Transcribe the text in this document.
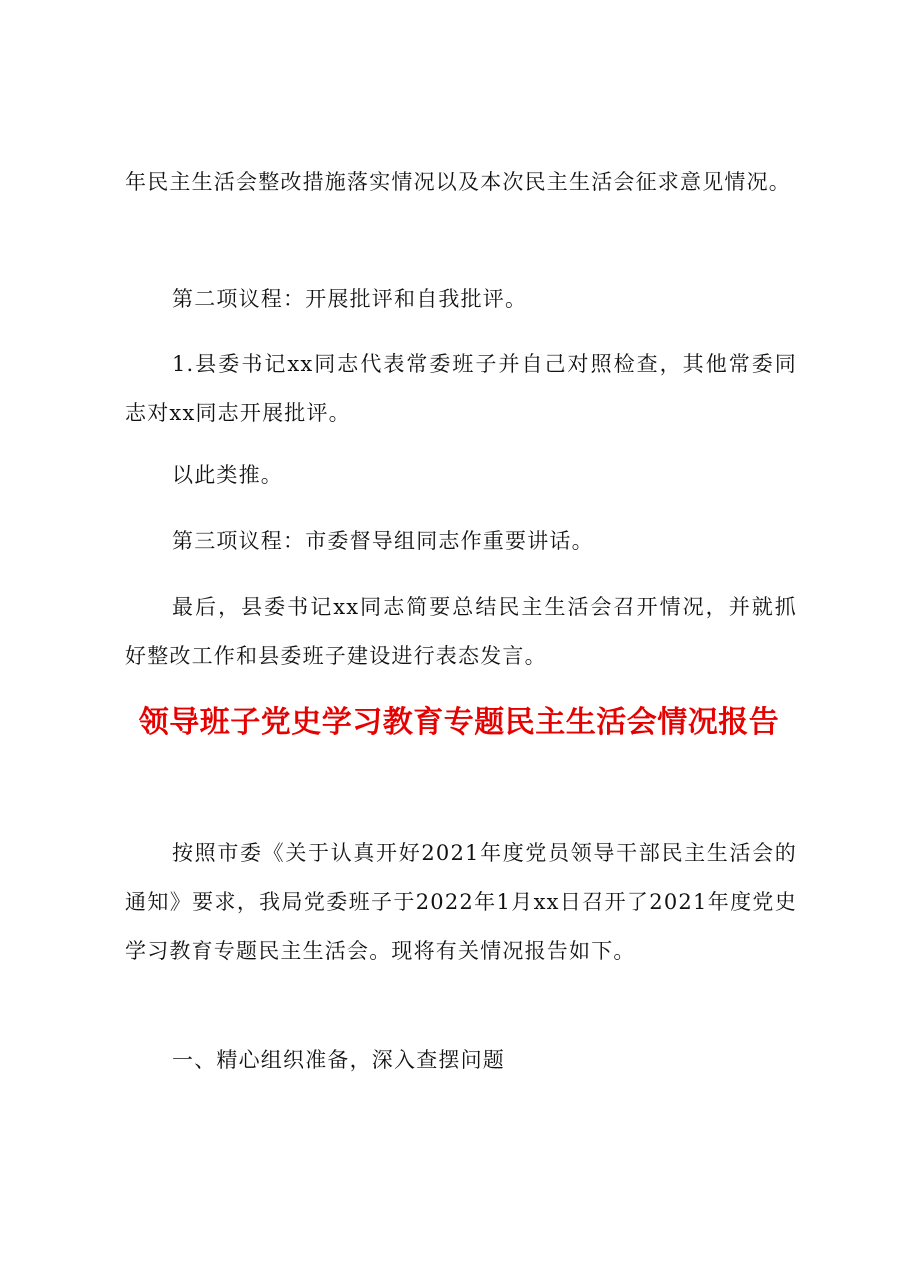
年民主生活会整改措施落实情况以及本次民主生活会征求意见情况。

第二项议程：开展批评和自我批评。

1.县委书记xx同志代表常委班子并自己对照检查，其他常委同志对xx同志开展批评。

以此类推。

第三项议程：市委督导组同志作重要讲话。

最后，县委书记xx同志简要总结民主生活会召开情况，并就抓好整改工作和县委班子建设进行表态发言。

领导班子党史学习教育专题民主生活会情况报告

按照市委《关于认真开好2021年度党员领导干部民主生活会的通知》要求，我局党委班子于2022年1月xx日召开了2021年度党史学习教育专题民主生活会。现将有关情况报告如下。

一、精心组织准备，深入查摆问题
